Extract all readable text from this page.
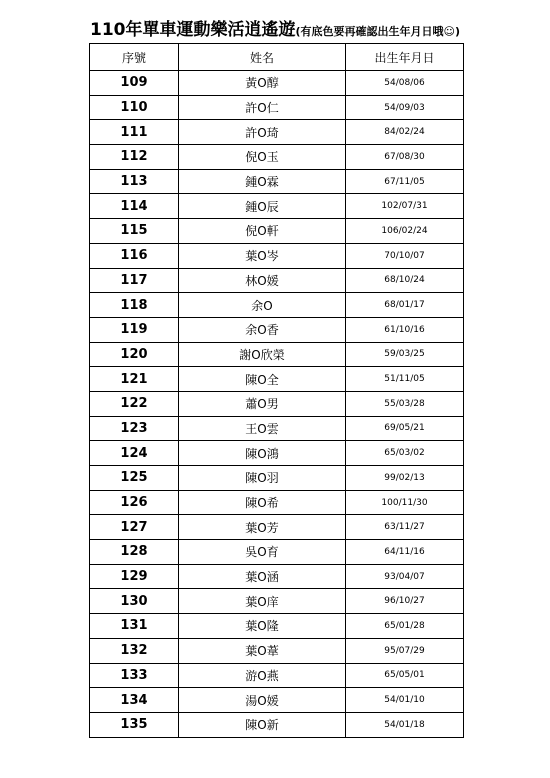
110年單車運動樂活逍遙遊(有底色要再確認出生年月日哦☺)
序號	姓名	出生年月日
109	黃O醇	54/08/06
110	許O仁	54/09/03
111	許O琦	84/02/24
112	倪O玉	67/08/30
113	鍾O霖	67/11/05
114	鍾O辰	102/07/31
115	倪O軒	106/02/24
116	葉O岑	70/10/07
117	林O媛	68/10/24
118	余O	68/01/17
119	余O香	61/10/16
120	謝O欣榮	59/03/25
121	陳O全	51/11/05
122	蕭O男	55/03/28
123	王O雲	69/05/21
124	陳O鴻	65/03/02
125	陳O羽	99/02/13
126	陳O希	100/11/30
127	葉O芳	63/11/27
128	吳O育	64/11/16
129	葉O涵	93/04/07
130	葉O庠	96/10/27
131	葉O隆	65/01/28
132	葉O葦	95/07/29
133	游O燕	65/05/01
134	湯O媛	54/01/10
135	陳O新	54/01/18
